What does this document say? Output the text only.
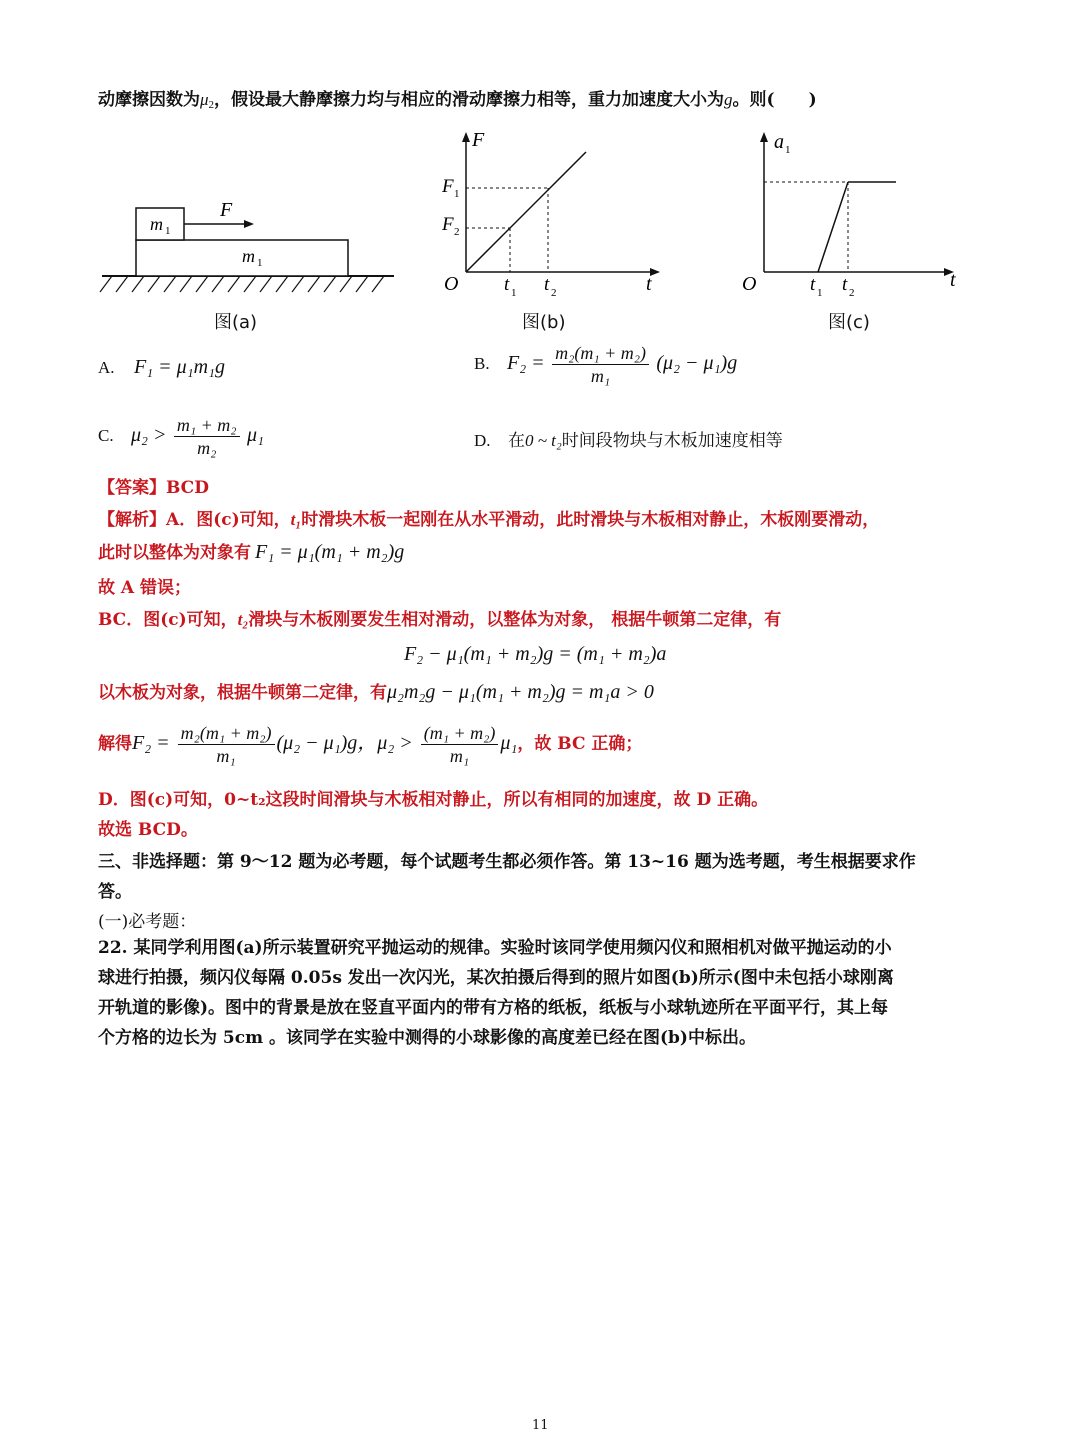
动摩擦因数为$\mu_2$，假设最大静摩擦力均与相应的滑动摩擦力相等，重力加速度大小为g。则( )
F
m 1
m 1
图(a)
F
t
O
F 1
F 2
t 1 t 2
图(b)
a 1
t
O	t 1 t 2
图(c)
A. F₁ = μ₁m₁g	B. $F_2 = \frac{\text{m₂(m₁ + m₂)}}{\text{m₁}} (\mu_2 - \mu_1)g$
C. $\mu_2 > \frac{\text{m₁ + m₂}}{\text{m₂}} \mu_1$	D. 在0 ~ t₂时间段物块与木板加速度相等
【答案】BCD
【解析】A．图(c)可知，t₁时滑块木板一起刚在从水平滑动，此时滑块与木板相对静止，木板刚要滑动，
此时以整体为对象有 F₁ = μ₁(m₁ + m₂)g
故 A 错误；
BC．图(c)可知，t₂滑块与木板刚要发生相对滑动，以整体为对象， 根据牛顿第二定律，有
F₂ − μ₁(m₁ + m₂)g = (m₁ + m₂)a
以木板为对象，根据牛顿第二定律，有μ₂m₂g − μ₁(m₁ + m₂)g = m₁a > 0
解得$F_2 = \frac{\text{m₂(m₁ + m₂)}}{\text{m₁}} (\mu_2 - \mu_1)g$，$\mu_2 > \frac{\text{(m₁ + m₂)}}{\text{m₁}} \mu_1$，故 BC 正确；
D．图(c)可知，0~t₂这段时间滑块与木板相对静止，所以有相同的加速度，故 D 正确。
故选 BCD。
三、非选择题：第 9～12 题为必考题，每个试题考生都必须作答。第 13~16 题为选考题，考生根据要求作
答。
(一)必考题：
22. 某同学利用图(a)所示装置研究平抛运动的规律。实验时该同学使用频闪仪和照相机对做平抛运动的小
球进行拍摄，频闪仪每隔 0.05s 发出一次闪光，某次拍摄后得到的照片如图(b)所示(图中未包括小球刚离
开轨道的影像)。图中的背景是放在竖直平面内的带有方格的纸板，纸板与小球轨迹所在平面平行，其上每
个方格的边长为 5cm 。该同学在实验中测得的小球影像的高度差已经在图(b)中标出。
11
